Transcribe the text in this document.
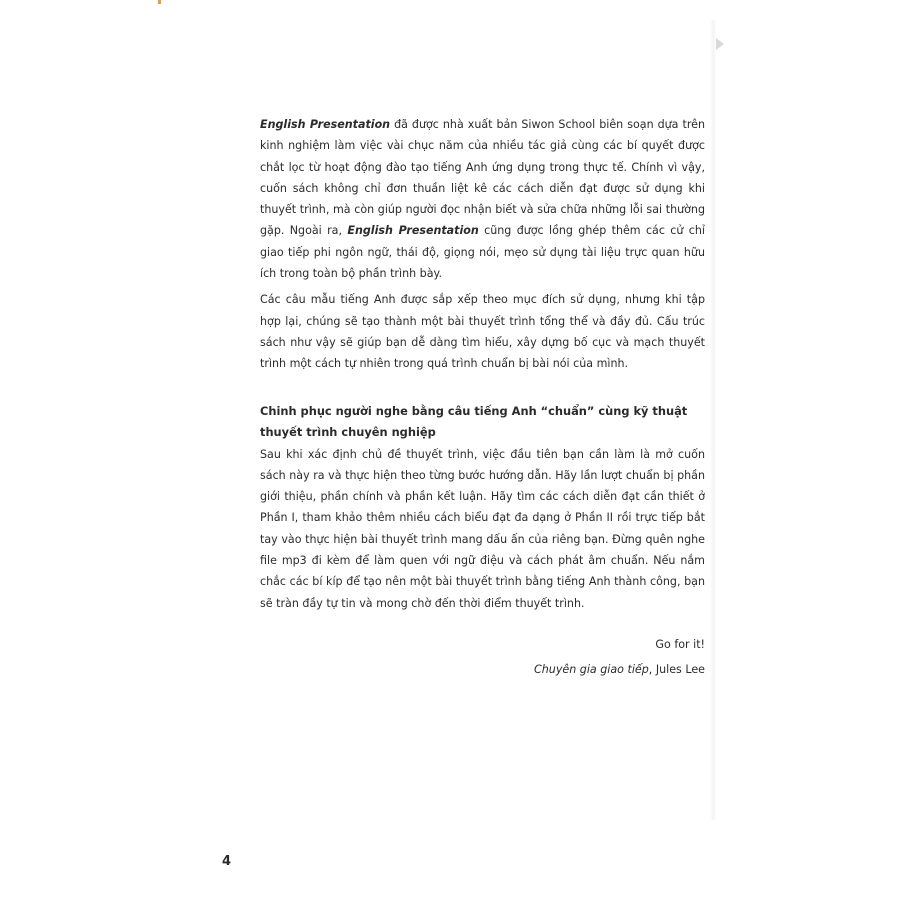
English Presentation đã được nhà xuất bản Siwon School biên soạn dựa trên kinh nghiệm làm việc vài chục năm của nhiều tác giả cùng các bí quyết được chắt lọc từ hoạt động đào tạo tiếng Anh ứng dụng trong thực tế. Chính vì vậy, cuốn sách không chỉ đơn thuần liệt kê các cách diễn đạt được sử dụng khi thuyết trình, mà còn giúp người đọc nhận biết và sửa chữa những lỗi sai thường gặp. Ngoài ra, English Presentation cũng được lồng ghép thêm các cử chỉ giao tiếp phi ngôn ngữ, thái độ, giọng nói, mẹo sử dụng tài liệu trực quan hữu ích trong toàn bộ phần trình bày.

Các câu mẫu tiếng Anh được sắp xếp theo mục đích sử dụng, nhưng khi tập hợp lại, chúng sẽ tạo thành một bài thuyết trình tổng thể và đầy đủ. Cấu trúc sách như vậy sẽ giúp bạn dễ dàng tìm hiểu, xây dựng bố cục và mạch thuyết trình một cách tự nhiên trong quá trình chuẩn bị bài nói của mình.

Chinh phục người nghe bằng câu tiếng Anh “chuẩn” cùng kỹ thuật thuyết trình chuyên nghiệp

Sau khi xác định chủ đề thuyết trình, việc đầu tiên bạn cần làm là mở cuốn sách này ra và thực hiện theo từng bước hướng dẫn. Hãy lần lượt chuẩn bị phần giới thiệu, phần chính và phần kết luận. Hãy tìm các cách diễn đạt cần thiết ở Phần I, tham khảo thêm nhiều cách biểu đạt đa dạng ở Phần II rồi trực tiếp bắt tay vào thực hiện bài thuyết trình mang dấu ấn của riêng bạn. Đừng quên nghe file mp3 đi kèm để làm quen với ngữ điệu và cách phát âm chuẩn. Nếu nắm chắc các bí kíp để tạo nên một bài thuyết trình bằng tiếng Anh thành công, bạn sẽ tràn đầy tự tin và mong chờ đến thời điểm thuyết trình.

Go for it!
Chuyên gia giao tiếp, Jules Lee
4
